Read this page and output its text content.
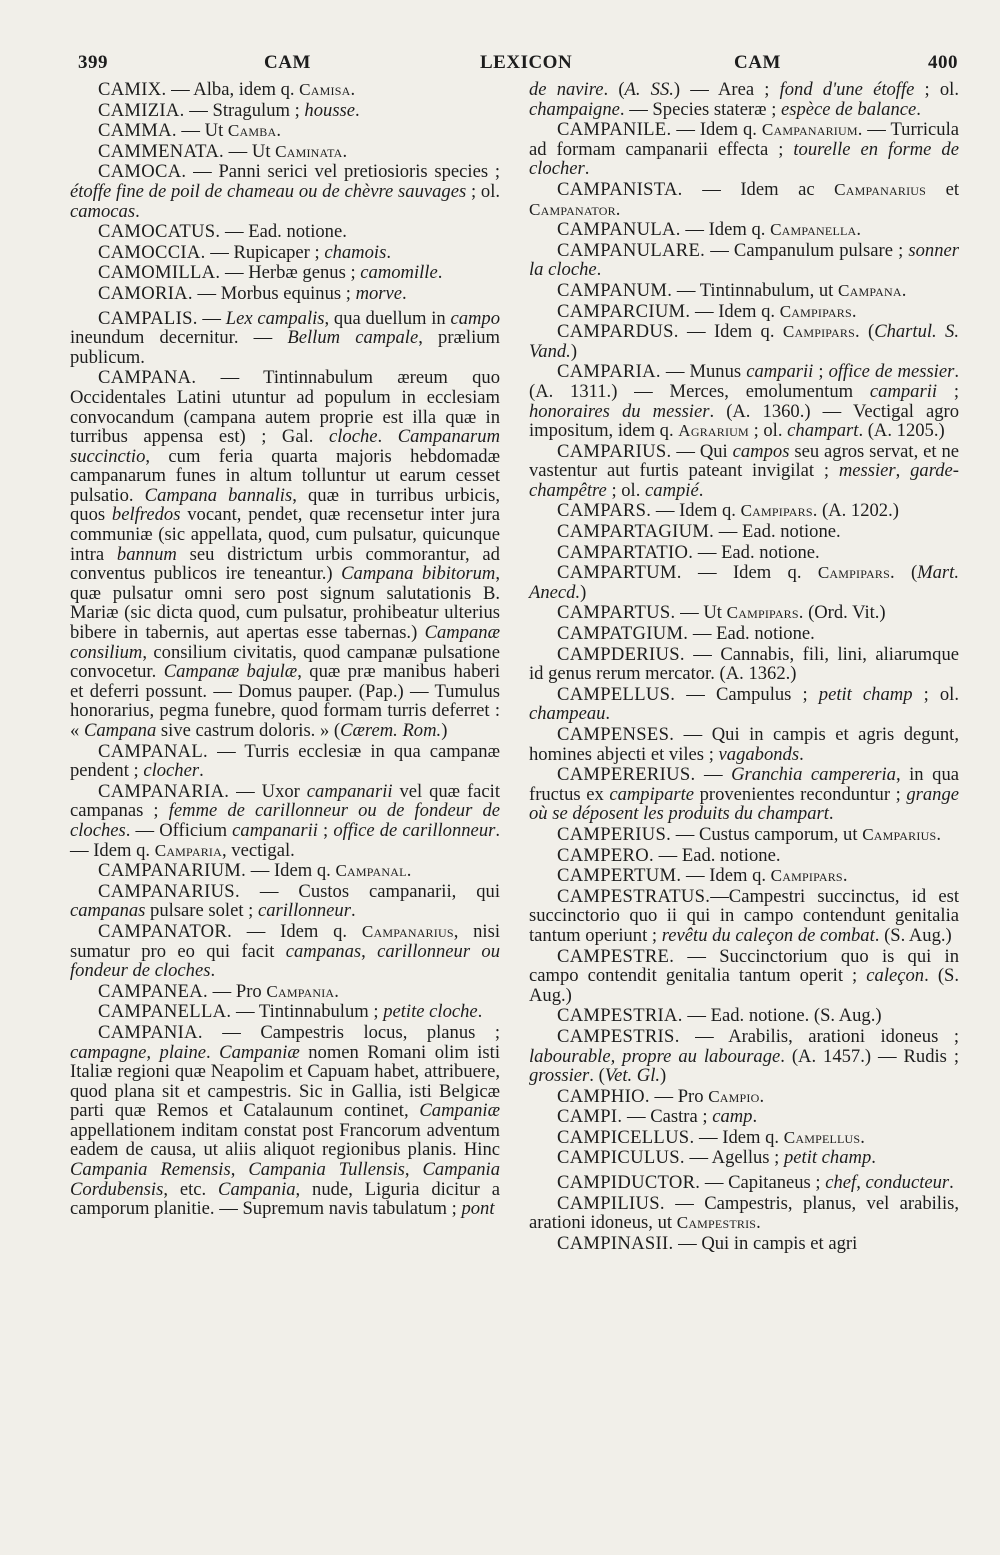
399	CAM	LEXICON	CAM	400

CAMIX. — Alba, idem q. Camisa.

CAMIZIA. — Stragulum ; housse.

CAMMA. — Ut Camba.

CAMMENATA. — Ut Caminata.

CAMOCA. — Panni serici vel pretiosioris species ; étoffe fine de poil de chameau ou de chèvre sauvages ; ol. camocas.

CAMOCATUS. — Ead. notione.

CAMOCCIA. — Rupicaper ; chamois.

CAMOMILLA. — Herbæ genus ; camomille.

CAMORIA. — Morbus equinus ; morve.

CAMPALIS. — Lex campalis, qua duellum in campo ineundum decernitur. — Bellum campale, prælium publicum.

CAMPANA. — Tintinnabulum æreum quo Occidentales Latini utuntur ad populum in ecclesiam convocandum (campana autem proprie est illa quæ in turribus appensa est) ; Gal. cloche. Campanarum succinctio, cum feria quarta majoris hebdomadæ campanarum funes in altum tolluntur ut earum cesset pulsatio. Campana bannalis, quæ in turribus urbicis, quos belfredos vocant, pendet, quæ recensetur inter jura communiæ (sic appellata, quod, cum pulsatur, quicunque intra bannum seu districtum urbis commorantur, ad conventus publicos ire teneantur.) Campana bibitorum, quæ pulsatur omni sero post signum salutationis B. Mariæ (sic dicta quod, cum pulsatur, prohibeatur ulterius bibere in tabernis, aut apertas esse tabernas.) Campanæ consilium, consilium civitatis, quod campanæ pulsatione convocetur. Campanæ bajulæ, quæ præ manibus haberi et deferri possunt. — Domus pauper. (Pap.) — Tumulus honorarius, pegma funebre, quod formam turris deferret : « Campana sive castrum doloris. » (Cærem. Rom.)

CAMPANAL. — Turris ecclesiæ in qua campanæ pendent ; clocher.

CAMPANARIA. — Uxor campanarii vel quæ facit campanas ; femme de carillonneur ou de fondeur de cloches. — Officium campanarii ; office de carillonneur. — Idem q. Camparia, vectigal.

CAMPANARIUM. — Idem q. Campanal.

CAMPANARIUS. — Custos campanarii, qui campanas pulsare solet ; carillonneur.

CAMPANATOR. — Idem q. Campanarius, nisi sumatur pro eo qui facit campanas, carillonneur ou fondeur de cloches.

CAMPANEA. — Pro Campania.

CAMPANELLA. — Tintinnabulum ; petite cloche.

CAMPANIA. — Campestris locus, planus ; campagne, plaine. Campaniæ nomen Romani olim isti Italiæ regioni quæ Neapolim et Capuam habet, attribuere, quod plana sit et campestris. Sic in Gallia, isti Belgicæ parti quæ Remos et Catalaunum continet, Campaniæ appellationem inditam constat post Francorum adventum eadem de causa, ut aliis aliquot regionibus planis. Hinc Campania Remensis, Campania Tullensis, Campania Cordubensis, etc. Campania, nude, Liguria dicitur a camporum planitie. — Supremum navis tabulatum ; pont

de navire. (A. SS.) — Area ; fond d'une étoffe ; ol. champaigne. — Species stateræ ; espèce de balance.

CAMPANILE. — Idem q. Campanarium. — Turricula ad formam campanarii effecta ; tourelle en forme de clocher.

CAMPANISTA. — Idem ac Campanarius et Campanator.

CAMPANULA. — Idem q. Campanella.

CAMPANULARE. — Campanulum pulsare ; sonner la cloche.

CAMPANUM. — Tintinnabulum, ut Campana.

CAMPARCIUM. — Idem q. Campipars.

CAMPARDUS. — Idem q. Campipars. (Chartul. S. Vand.)

CAMPARIA. — Munus camparii ; office de messier. (A. 1311.) — Merces, emolumentum camparii ; honoraires du messier. (A. 1360.) — Vectigal agro impositum, idem q. Agrarium ; ol. champart. (A. 1205.)

CAMPARIUS. — Qui campos seu agros servat, et ne vastentur aut furtis pateant invigilat ; messier, garde-champêtre ; ol. campié.

CAMPARS. — Idem q. Campipars. (A. 1202.)

CAMPARTAGIUM. — Ead. notione.

CAMPARTATIO. — Ead. notione.

CAMPARTUM. — Idem q. Campipars. (Mart. Anecd.)

CAMPARTUS. — Ut Campipars. (Ord. Vit.)

CAMPATGIUM. — Ead. notione.

CAMPDERIUS. — Cannabis, fili, lini, aliarumque id genus rerum mercator. (A. 1362.)

CAMPELLUS. — Campulus ; petit champ ; ol. champeau.

CAMPENSES. — Qui in campis et agris degunt, homines abjecti et viles ; vagabonds.

CAMPERERIUS. — Granchia campereria, in qua fructus ex campiparte provenientes reconduntur ; grange où se déposent les produits du champart.

CAMPERIUS. — Custus camporum, ut Camparius.

CAMPERO. — Ead. notione.

CAMPERTUM. — Idem q. Campipars.

CAMPESTRATUS.—Campestri succinctus, id est succinctorio quo ii qui in campo contendunt genitalia tantum operiunt ; revêtu du caleçon de combat. (S. Aug.)

CAMPESTRE. — Succinctorium quo is qui in campo contendit genitalia tantum operit ; caleçon. (S. Aug.)

CAMPESTRIA. — Ead. notione. (S. Aug.)

CAMPESTRIS. — Arabilis, arationi idoneus ; labourable, propre au labourage. (A. 1457.) — Rudis ; grossier. (Vet. Gl.)

CAMPHIO. — Pro Campio.

CAMPI. — Castra ; camp.

CAMPICELLUS. — Idem q. Campellus.

CAMPICULUS. — Agellus ; petit champ.

CAMPIDUCTOR. — Capitaneus ; chef, conducteur.

CAMPILIUS. — Campestris, planus, vel arabilis, arationi idoneus, ut Campestris.

CAMPINASII. — Qui in campis et agri
